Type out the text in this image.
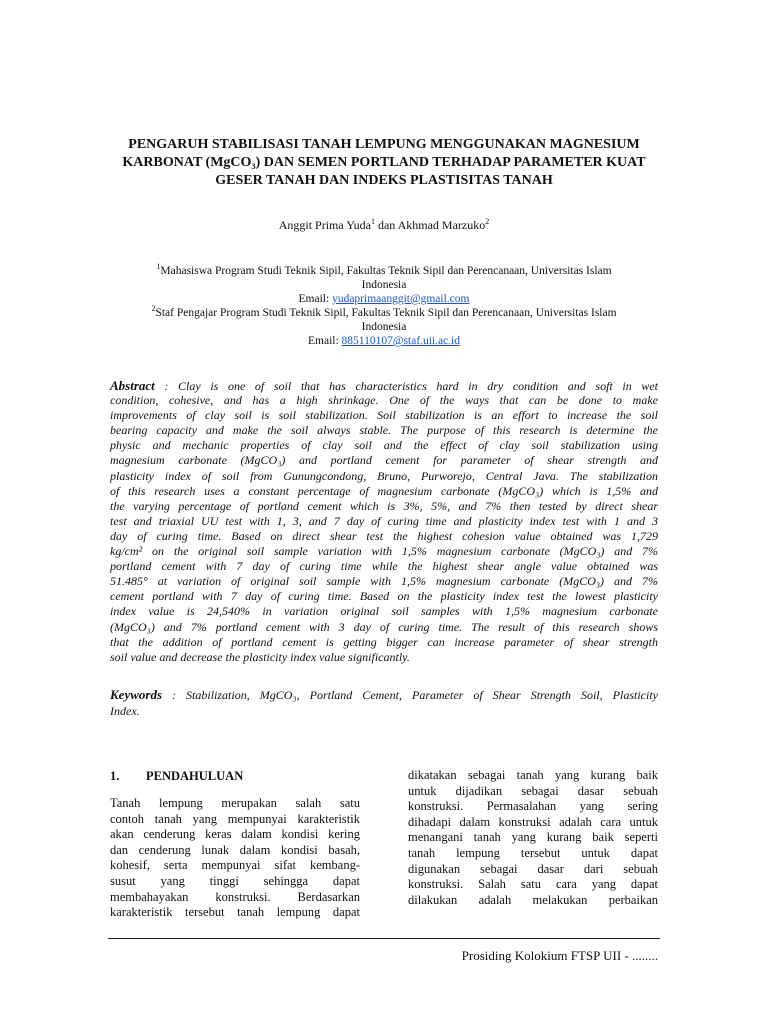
PENGARUH STABILISASI TANAH LEMPUNG MENGGUNAKAN MAGNESIUM
KARBONAT (MgCO₃) DAN SEMEN PORTLAND TERHADAP PARAMETER KUAT
GESER TANAH DAN INDEKS PLASTISITAS TANAH
Anggit Prima Yuda$^1$ dan Akhmad Marzuko$^2$
$^1$Mahasiswa Program Studi Teknik Sipil, Fakultas Teknik Sipil dan Perencanaan, Universitas Islam
Indonesia
Email: yudaprimaanggit@gmail.com
$^2$Staf Pengajar Program Studi Teknik Sipil, Fakultas Teknik Sipil dan Perencanaan, Universitas Islam
Indonesia
Email: 885110107@staf.uii.ac.id
Abstract : Clay is one of soil that has characteristics hard in dry condition and soft in wet
condition, cohesive, and has a high shrinkage. One of the ways that can be done to make
improvements of clay soil is soil stabilization. Soil stabilization is an effort to increase the soil
bearing capacity and make the soil always stable. The purpose of this research is determine the
physic and mechanic properties of clay soil and the effect of clay soil stabilization using
magnesium carbonate (MgCO₃) and portland cement for parameter of shear strength and
plasticity index of soil from Gunungcondong, Bruno, Purworejo, Central Java. The stabilization
of this research uses a constant percentage of magnesium carbonate (MgCO₃) which is 1,5% and
the varying percentage of portland cement which is 3%, 5%, and 7% then tested by direct shear
test and triaxial UU test with 1, 3, and 7 day of curing time and plasticity index test with 1 and 3
day of curing time. Based on direct shear test the highest cohesion value obtained was 1,729
kg/cm² on the original soil sample variation with 1,5% magnesium carbonate (MgCO₃) and 7%
portland cement with 7 day of curing time while the highest shear angle value obtained was
51.485° at variation of original soil sample with 1,5% magnesium carbonate (MgCO₃) and 7%
cement portland with 7 day of curing time. Based on the plasticity index test the lowest plasticity
index value is 24,540% in variation original soil samples with 1,5% magnesium carbonate
(MgCO₃) and 7% portland cement with 3 day of curing time. The result of this research shows
that the addition of portland cement is getting bigger can increase parameter of shear strength
soil value and decrease the plasticity index value significantly.
Keywords : Stabilization, MgCO₃, Portland Cement, Parameter of Shear Strength Soil, Plasticity
Index.
1. PENDAHULUAN
Tanah lempung merupakan salah satu
contoh tanah yang mempunyai karakteristik
akan cenderung keras dalam kondisi kering
dan cenderung lunak dalam kondisi basah,
kohesif, serta mempunyai sifat kembang-
susut yang tinggi sehingga dapat
membahayakan konstruksi. Berdasarkan
karakteristik tersebut tanah lempung dapat
dikatakan sebagai tanah yang kurang baik
untuk dijadikan sebagai dasar sebuah
konstruksi. Permasalahan yang sering
dihadapi dalam konstruksi adalah cara untuk
menangani tanah yang kurang baik seperti
tanah lempung tersebut untuk dapat
digunakan sebagai dasar dari sebuah
konstruksi. Salah satu cara yang dapat
dilakukan adalah melakukan perbaikan
Prosiding Kolokium FTSP UII - ........
